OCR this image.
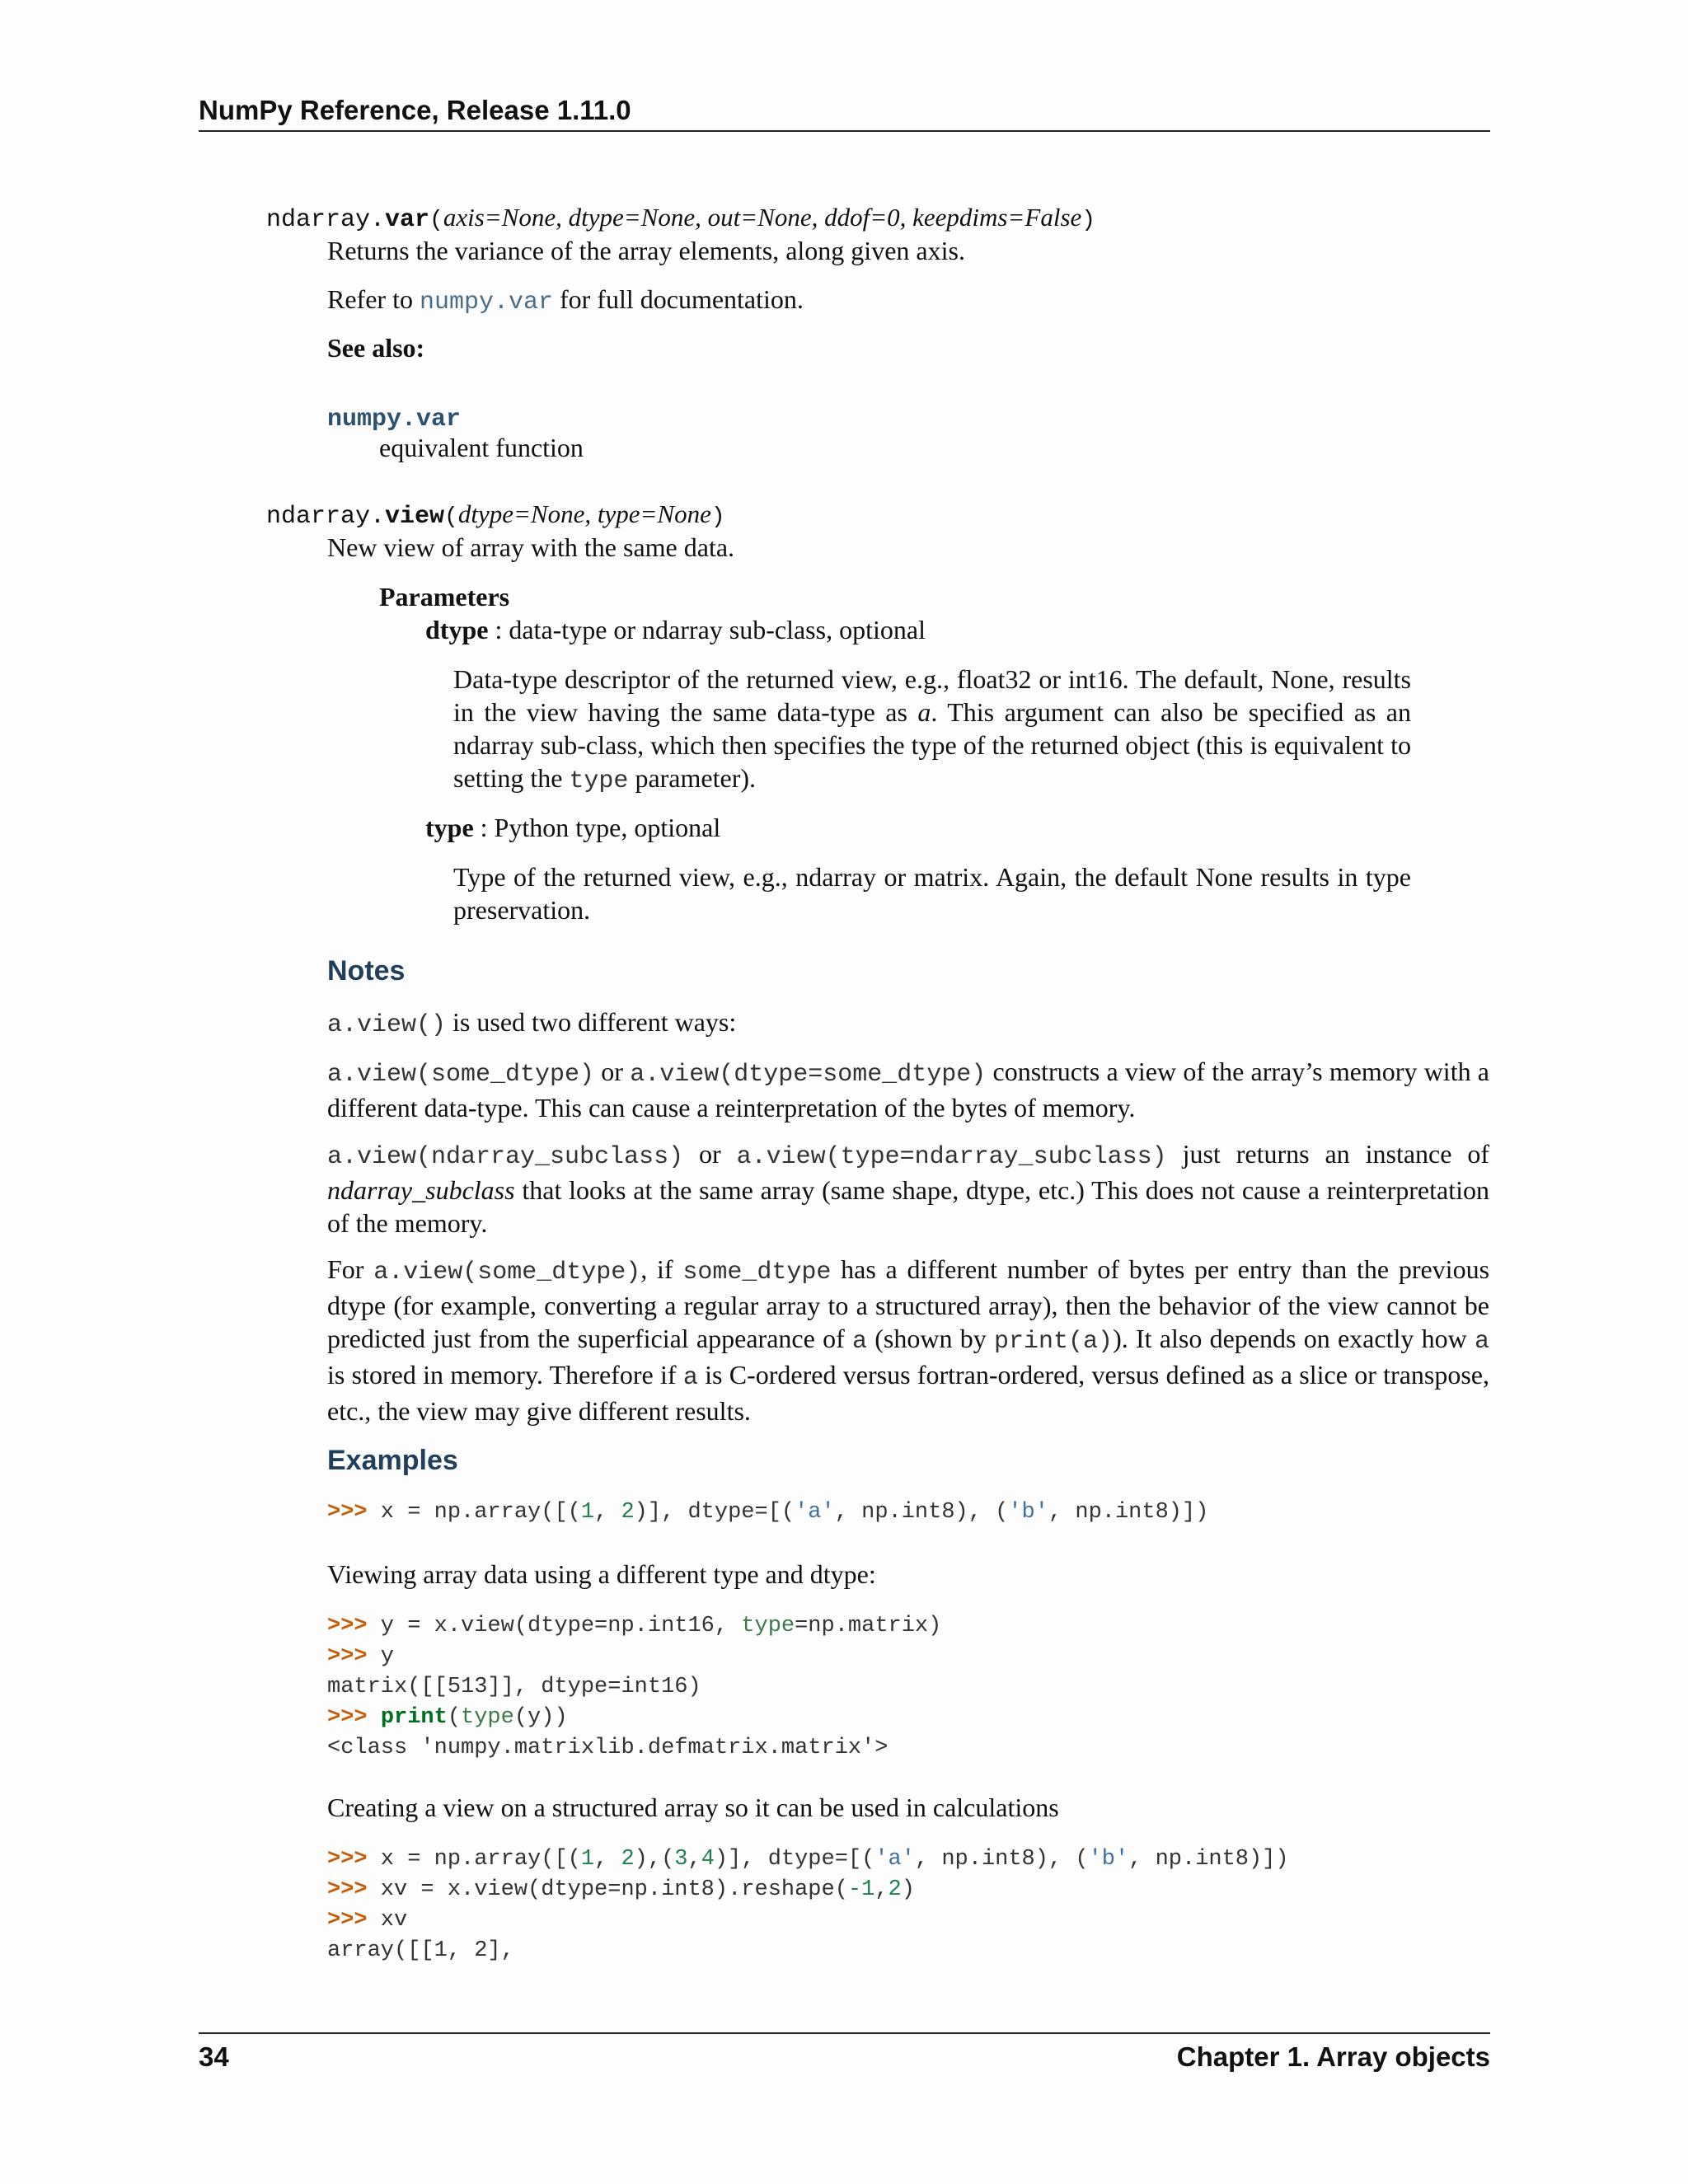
NumPy Reference, Release 1.11.0
ndarray.var(axis=None, dtype=None, out=None, ddof=0, keepdims=False)
Returns the variance of the array elements, along given axis.
Refer to numpy.var for full documentation.
See also:
numpy.var
equivalent function
ndarray.view(dtype=None, type=None)
New view of array with the same data.
Parameters
dtype : data-type or ndarray sub-class, optional
Data-type descriptor of the returned view, e.g., float32 or int16. The default, None, results in the view having the same data-type as a. This argument can also be specified as an ndarray sub-class, which then specifies the type of the returned object (this is equivalent to setting the type parameter).
type : Python type, optional
Type of the returned view, e.g., ndarray or matrix. Again, the default None results in type preservation.
Notes
a.view() is used two different ways:
a.view(some_dtype) or a.view(dtype=some_dtype) constructs a view of the array’s memory with a different data-type. This can cause a reinterpretation of the bytes of memory.
a.view(ndarray_subclass) or a.view(type=ndarray_subclass) just returns an instance of ndarray_subclass that looks at the same array (same shape, dtype, etc.) This does not cause a reinterpretation of the memory.
For a.view(some_dtype), if some_dtype has a different number of bytes per entry than the previous dtype (for example, converting a regular array to a structured array), then the behavior of the view cannot be predicted just from the superficial appearance of a (shown by print(a)). It also depends on exactly how a is stored in memory. Therefore if a is C-ordered versus fortran-ordered, versus defined as a slice or transpose, etc., the view may give different results.
Examples
>>> x = np.array([(1, 2)], dtype=[('a', np.int8), ('b', np.int8)])
Viewing array data using a different type and dtype:
>>> y = x.view(dtype=np.int16, type=np.matrix)
>>> y
matrix([[513]], dtype=int16)
>>> print(type(y))
<class 'numpy.matrixlib.defmatrix.matrix'>
Creating a view on a structured array so it can be used in calculations
>>> x = np.array([(1, 2),(3,4)], dtype=[('a', np.int8), ('b', np.int8)])
>>> xv = x.view(dtype=np.int8).reshape(-1,2)
>>> xv
array([[1, 2],
34	Chapter 1. Array objects
